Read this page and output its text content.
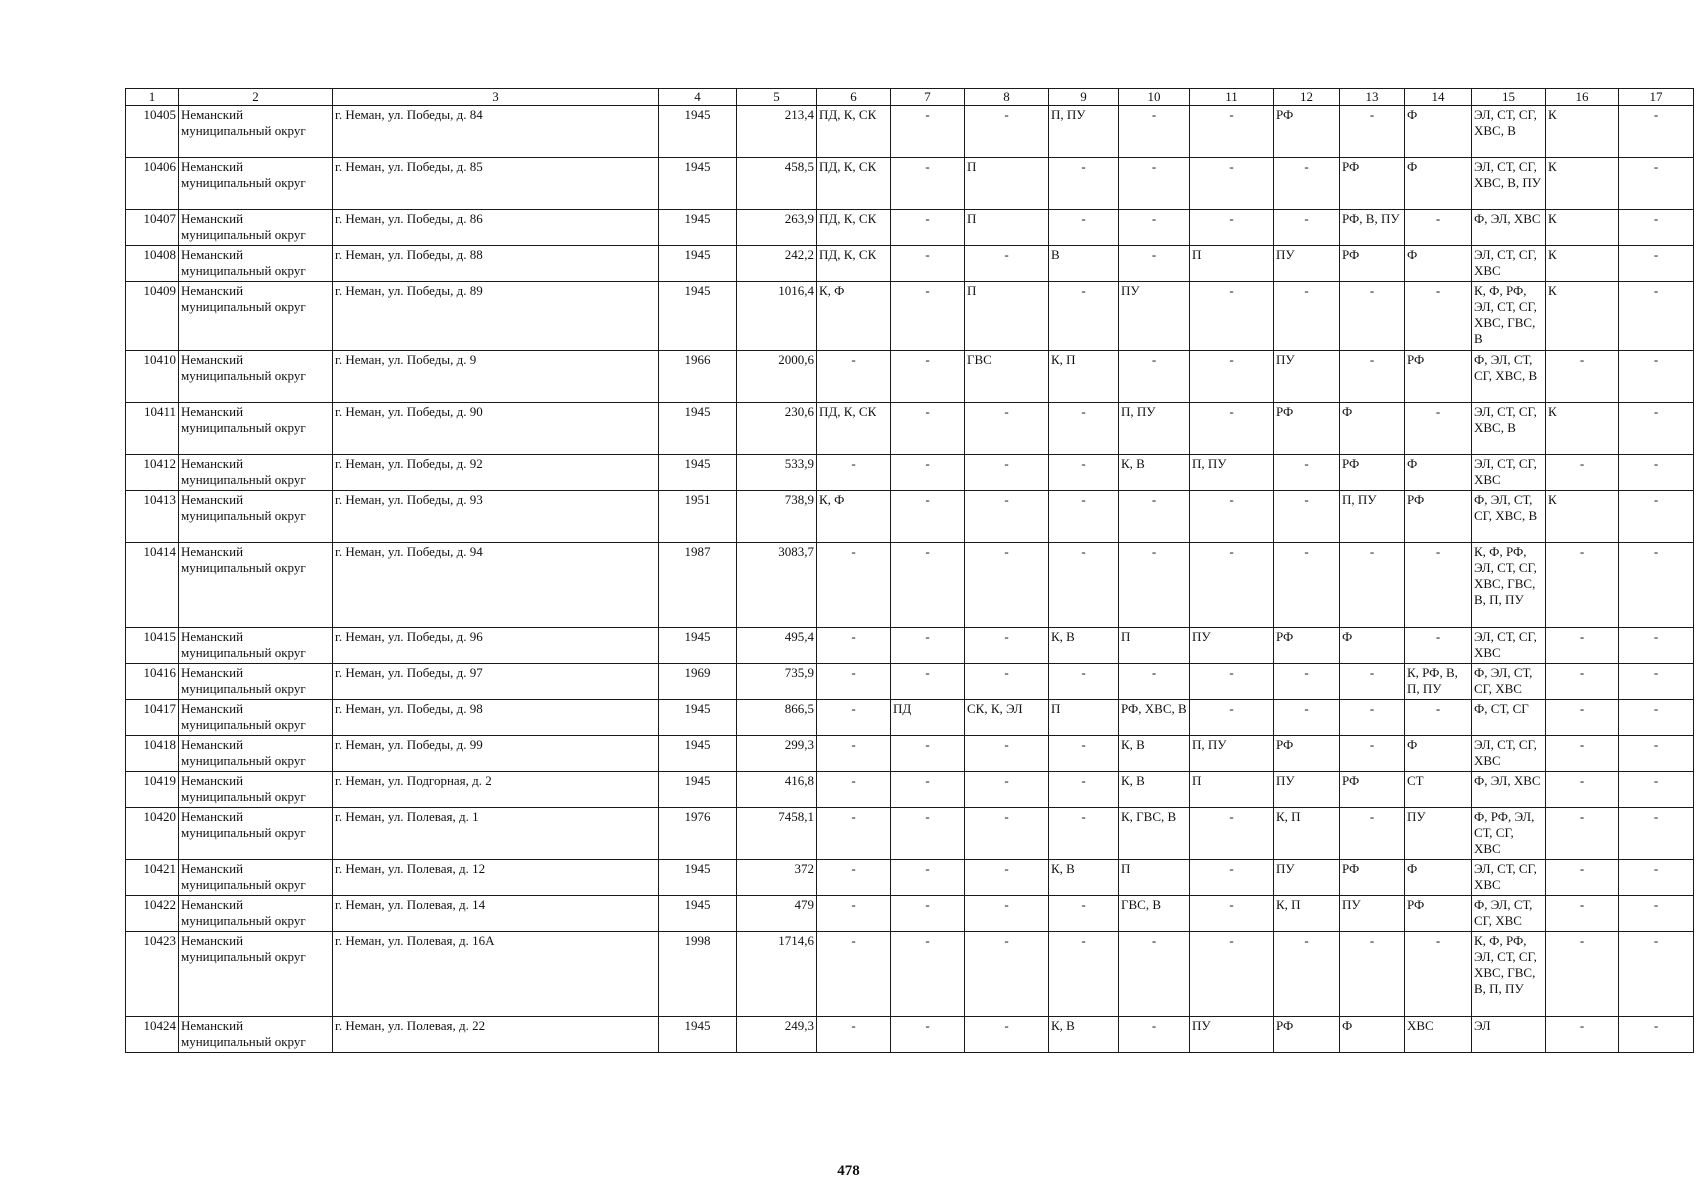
1	2	3	4	5	6	7	8	9	10	11	12	13	14	15	16	17
10405	Неманский муниципальный округ	г. Неман, ул. Победы, д. 84	1945	213,4	ПД, К, СК	-	-	П, ПУ	-	-	РФ	-	Ф	ЭЛ, СТ, СГ, ХВС, В	К	-
10406	Неманский муниципальный округ	г. Неман, ул. Победы, д. 85	1945	458,5	ПД, К, СК	-	П	-	-	-	-	РФ	Ф	ЭЛ, СТ, СГ, ХВС, В, ПУ	К	-
10407	Неманский муниципальный округ	г. Неман, ул. Победы, д. 86	1945	263,9	ПД, К, СК	-	П	-	-	-	-	РФ, В, ПУ	-	Ф, ЭЛ, ХВС	К	-
10408	Неманский муниципальный округ	г. Неман, ул. Победы, д. 88	1945	242,2	ПД, К, СК	-	-	В	-	П	ПУ	РФ	Ф	ЭЛ, СТ, СГ, ХВС	К	-
10409	Неманский муниципальный округ	г. Неман, ул. Победы, д. 89	1945	1016,4	К, Ф	-	П	-	ПУ	-	-	-	-	К, Ф, РФ, ЭЛ, СТ, СГ, ХВС, ГВС, В	К	-
10410	Неманский муниципальный округ	г. Неман, ул. Победы, д. 9	1966	2000,6	-	-	ГВС	К, П	-	-	ПУ	-	РФ	Ф, ЭЛ, СТ, СГ, ХВС, В	-	-
10411	Неманский муниципальный округ	г. Неман, ул. Победы, д. 90	1945	230,6	ПД, К, СК	-	-	-	П, ПУ	-	РФ	Ф	-	ЭЛ, СТ, СГ, ХВС, В	К	-
10412	Неманский муниципальный округ	г. Неман, ул. Победы, д. 92	1945	533,9	-	-	-	-	К, В	П, ПУ	-	РФ	Ф	ЭЛ, СТ, СГ, ХВС	-	-
10413	Неманский муниципальный округ	г. Неман, ул. Победы, д. 93	1951	738,9	К, Ф	-	-	-	-	-	-	П, ПУ	РФ	Ф, ЭЛ, СТ, СГ, ХВС, В	К	-
10414	Неманский муниципальный округ	г. Неман, ул. Победы, д. 94	1987	3083,7	-	-	-	-	-	-	-	-	-	К, Ф, РФ, ЭЛ, СТ, СГ, ХВС, ГВС, В, П, ПУ	-	-
10415	Неманский муниципальный округ	г. Неман, ул. Победы, д. 96	1945	495,4	-	-	-	К, В	П	ПУ	РФ	Ф	-	ЭЛ, СТ, СГ, ХВС	-	-
10416	Неманский муниципальный округ	г. Неман, ул. Победы, д. 97	1969	735,9	-	-	-	-	-	-	-	-	К, РФ, В, П, ПУ	Ф, ЭЛ, СТ, СГ, ХВС	-	-
10417	Неманский муниципальный округ	г. Неман, ул. Победы, д. 98	1945	866,5	-	ПД	СК, К, ЭЛ	П	РФ, ХВС, В	-	-	-	-	Ф, СТ, СГ	-	-
10418	Неманский муниципальный округ	г. Неман, ул. Победы, д. 99	1945	299,3	-	-	-	-	К, В	П, ПУ	РФ	-	Ф	ЭЛ, СТ, СГ, ХВС	-	-
10419	Неманский муниципальный округ	г. Неман, ул. Подгорная, д. 2	1945	416,8	-	-	-	-	К, В	П	ПУ	РФ	СТ	Ф, ЭЛ, ХВС	-	-
10420	Неманский муниципальный округ	г. Неман, ул. Полевая, д. 1	1976	7458,1	-	-	-	-	К, ГВС, В	-	К, П	-	ПУ	Ф, РФ, ЭЛ, СТ, СГ, ХВС	-	-
10421	Неманский муниципальный округ	г. Неман, ул. Полевая, д. 12	1945	372	-	-	-	К, В	П	-	ПУ	РФ	Ф	ЭЛ, СТ, СГ, ХВС	-	-
10422	Неманский муниципальный округ	г. Неман, ул. Полевая, д. 14	1945	479	-	-	-	-	ГВС, В	-	К, П	ПУ	РФ	Ф, ЭЛ, СТ, СГ, ХВС	-	-
10423	Неманский муниципальный округ	г. Неман, ул. Полевая, д. 16А	1998	1714,6	-	-	-	-	-	-	-	-	-	К, Ф, РФ, ЭЛ, СТ, СГ, ХВС, ГВС, В, П, ПУ	-	-
10424	Неманский муниципальный округ	г. Неман, ул. Полевая, д. 22	1945	249,3	-	-	-	К, В	-	ПУ	РФ	Ф	ХВС	ЭЛ	-	-
478
